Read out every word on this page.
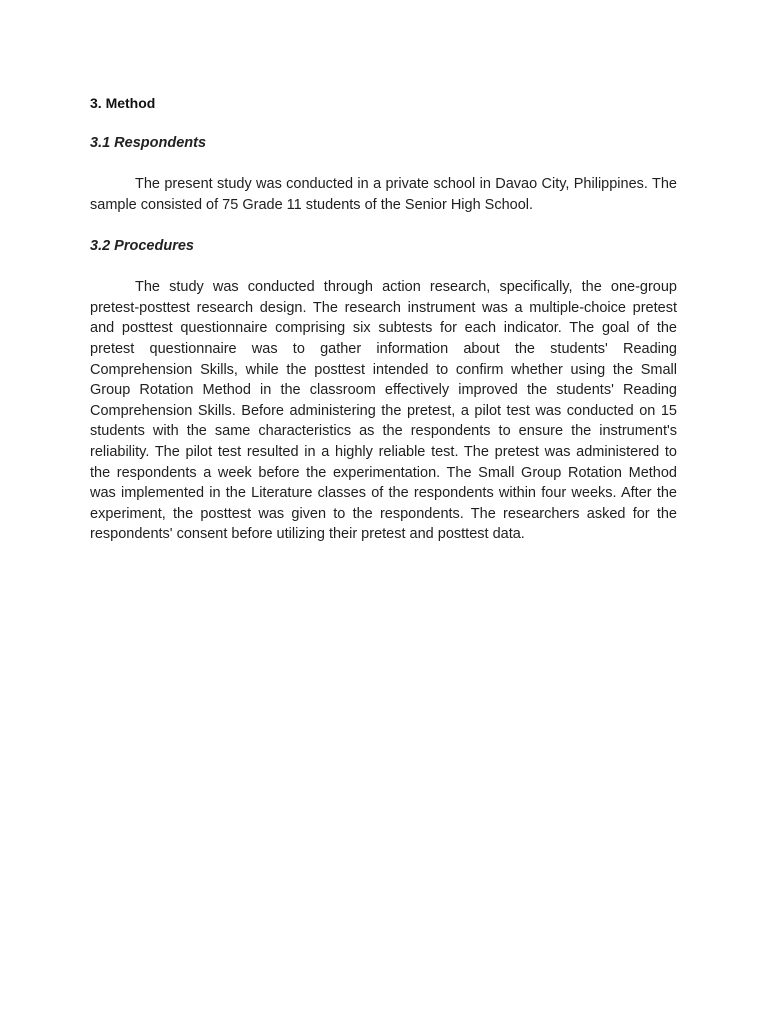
3. Method
3.1 Respondents

The present study was conducted in a private school in Davao City, Philippines. The sample consisted of 75 Grade 11 students of the Senior High School.

3.2 Procedures

The study was conducted through action research, specifically, the one-group pretest-posttest research design. The research instrument was a multiple-choice pretest and posttest questionnaire comprising six subtests for each indicator. The goal of the pretest questionnaire was to gather information about the students' Reading Comprehension Skills, while the posttest intended to confirm whether using the Small Group Rotation Method in the classroom effectively improved the students' Reading Comprehension Skills. Before administering the pretest, a pilot test was conducted on 15 students with the same characteristics as the respondents to ensure the instrument's reliability. The pilot test resulted in a highly reliable test. The pretest was administered to the respondents a week before the experimentation. The Small Group Rotation Method was implemented in the Literature classes of the respondents within four weeks. After the experiment, the posttest was given to the respondents. The researchers asked for the respondents' consent before utilizing their pretest and posttest data.
